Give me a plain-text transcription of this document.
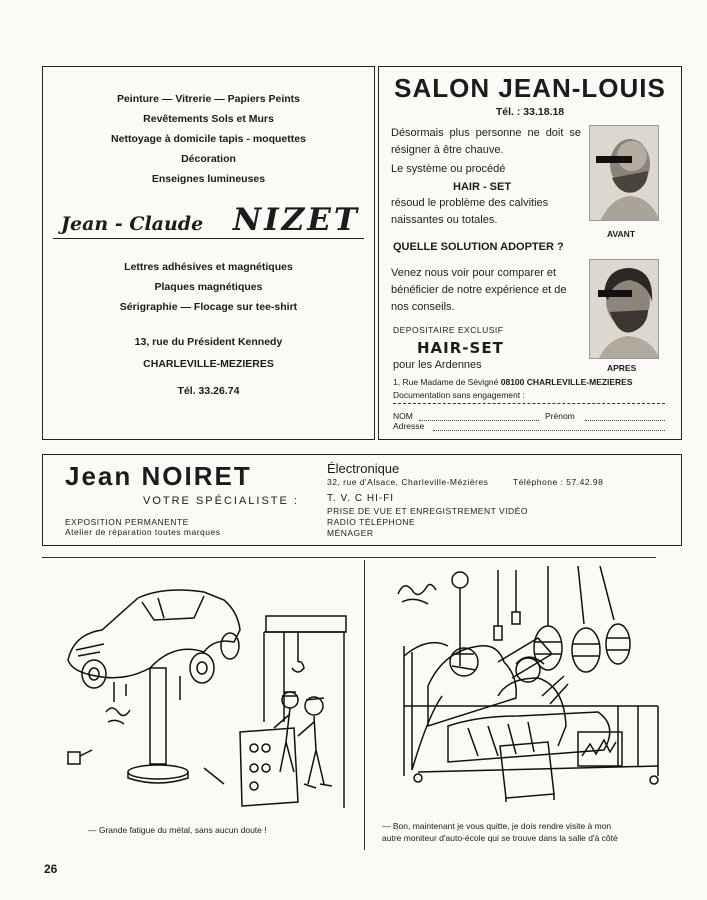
Peinture — Vitrerie — Papiers Peints
Revêtements Sols et Murs
Nettoyage à domicile tapis - moquettes
Décoration
Enseignes lumineuses
Jean - Claude NIZET
Lettres adhésives et magnétiques
Plaques magnétiques
Sérigraphie — Flocage sur tee-shirt
13, rue du Président Kennedy
CHARLEVILLE-MEZIERES
Tél. 33.26.74
SALON JEAN-LOUIS
Tél. : 33.18.18
Désormais plus personne ne doit se résigner à être chauve.
Le système ou procédé
HAIR - SET
résoud le problème des calvities naissantes ou totales.
QUELLE SOLUTION ADOPTER ?
Venez nous voir pour comparer et bénéficier de notre expérience et de nos conseils.
AVANT
APRES
DEPOSITAIRE EXCLUSIF
HAIR-SET
pour les Ardennes
1, Rue Madame de Sévigné 08100 CHARLEVILLE-MEZIERES
Documentation sans engagement :
NOM	Prénom
Adresse
Jean NOIRET
VOTRE SPÉCIALISTE :
EXPOSITION PERMANENTE
Atelier de réparation toutes marques
Électronique
32, rue d'Alsace, Charleville-Mézières	Téléphone : 57.42.98
T. V. C HI-FI
PRISE DE VUE ET ENREGISTREMENT VIDÉO
RADIO TÉLÉPHONE
MÉNAGER
— Grande fatigue du métal, sans aucun doute !	— Bon, maintenant je vous quitte, je dois rendre visite à mon
autre moniteur d'auto-école qui se trouve dans la salle d'à côté
26
